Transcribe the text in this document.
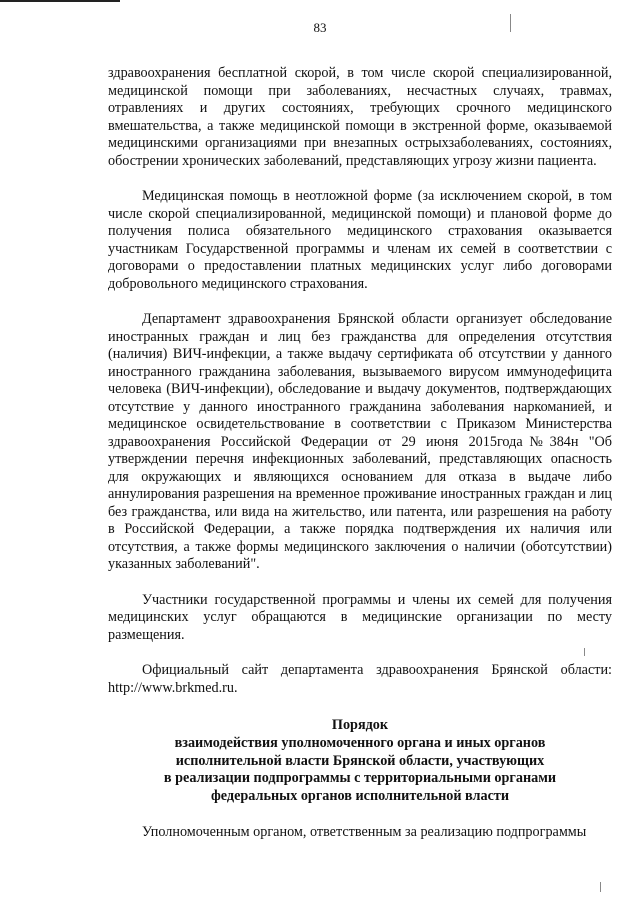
83

здравоохранения бесплатной скорой, в том числе скорой специализированной, медицинской помощи при заболеваниях, несчастных случаях, травмах, отравлениях и других состояниях, требующих срочного медицинского вмешательства, а также медицинской помощи в экстренной форме, оказываемой медицинскими организациями при внезапных острыхзаболеваниях, состояниях, обострении хронических заболеваний, представляющих угрозу жизни пациента.

Медицинская помощь в неотложной форме (за исключением скорой, в том числе скорой специализированной, медицинской помощи) и плановой форме до получения полиса обязательного медицинского страхования оказывается участникам Государственной программы и членам их семей в соответствии с договорами о предоставлении платных медицинских услуг либо договорами добровольного медицинского страхования.

Департамент здравоохранения Брянской области организует обследование иностранных граждан и лиц без гражданства для определения отсутствия (наличия) ВИЧ-инфекции, а также выдачу сертификата об отсутствии у данного иностранного гражданина заболевания, вызываемого вирусом иммунодефицита человека (ВИЧ-инфекции), обследование и выдачу документов, подтверждающих отсутствие у данного иностранного гражданина заболевания наркоманией, и медицинское освидетельствование в соответствии с Приказом Министерства здравоохранения Российской Федерации от 29 июня 2015года№384н "Об утверждении перечня инфекционных заболеваний, представляющих опасность для окружающих и являющихся основанием для отказа в выдаче либо аннулирования разрешения на временное проживание иностранных граждан и лиц без гражданства, или вида на жительство, или патента, или разрешения на работу в Российской Федерации, а также порядка подтверждения их наличия или отсутствия, а также формы медицинского заключения о наличии (оботсутствии) указанных заболеваний".

Участники государственной программы и члены их семей для получения медицинских услуг обращаются в медицинские организации по месту размещения.

Официальный сайт департамента здравоохранения Брянской области: http://www.brkmed.ru.

Порядок
взаимодействия уполномоченного органа и иных органов
исполнительной власти Брянской области, участвующих
в реализации подпрограммы с территориальными органами
федеральных органов исполнительной власти

Уполномоченным органом, ответственным за реализацию подпрограммы
